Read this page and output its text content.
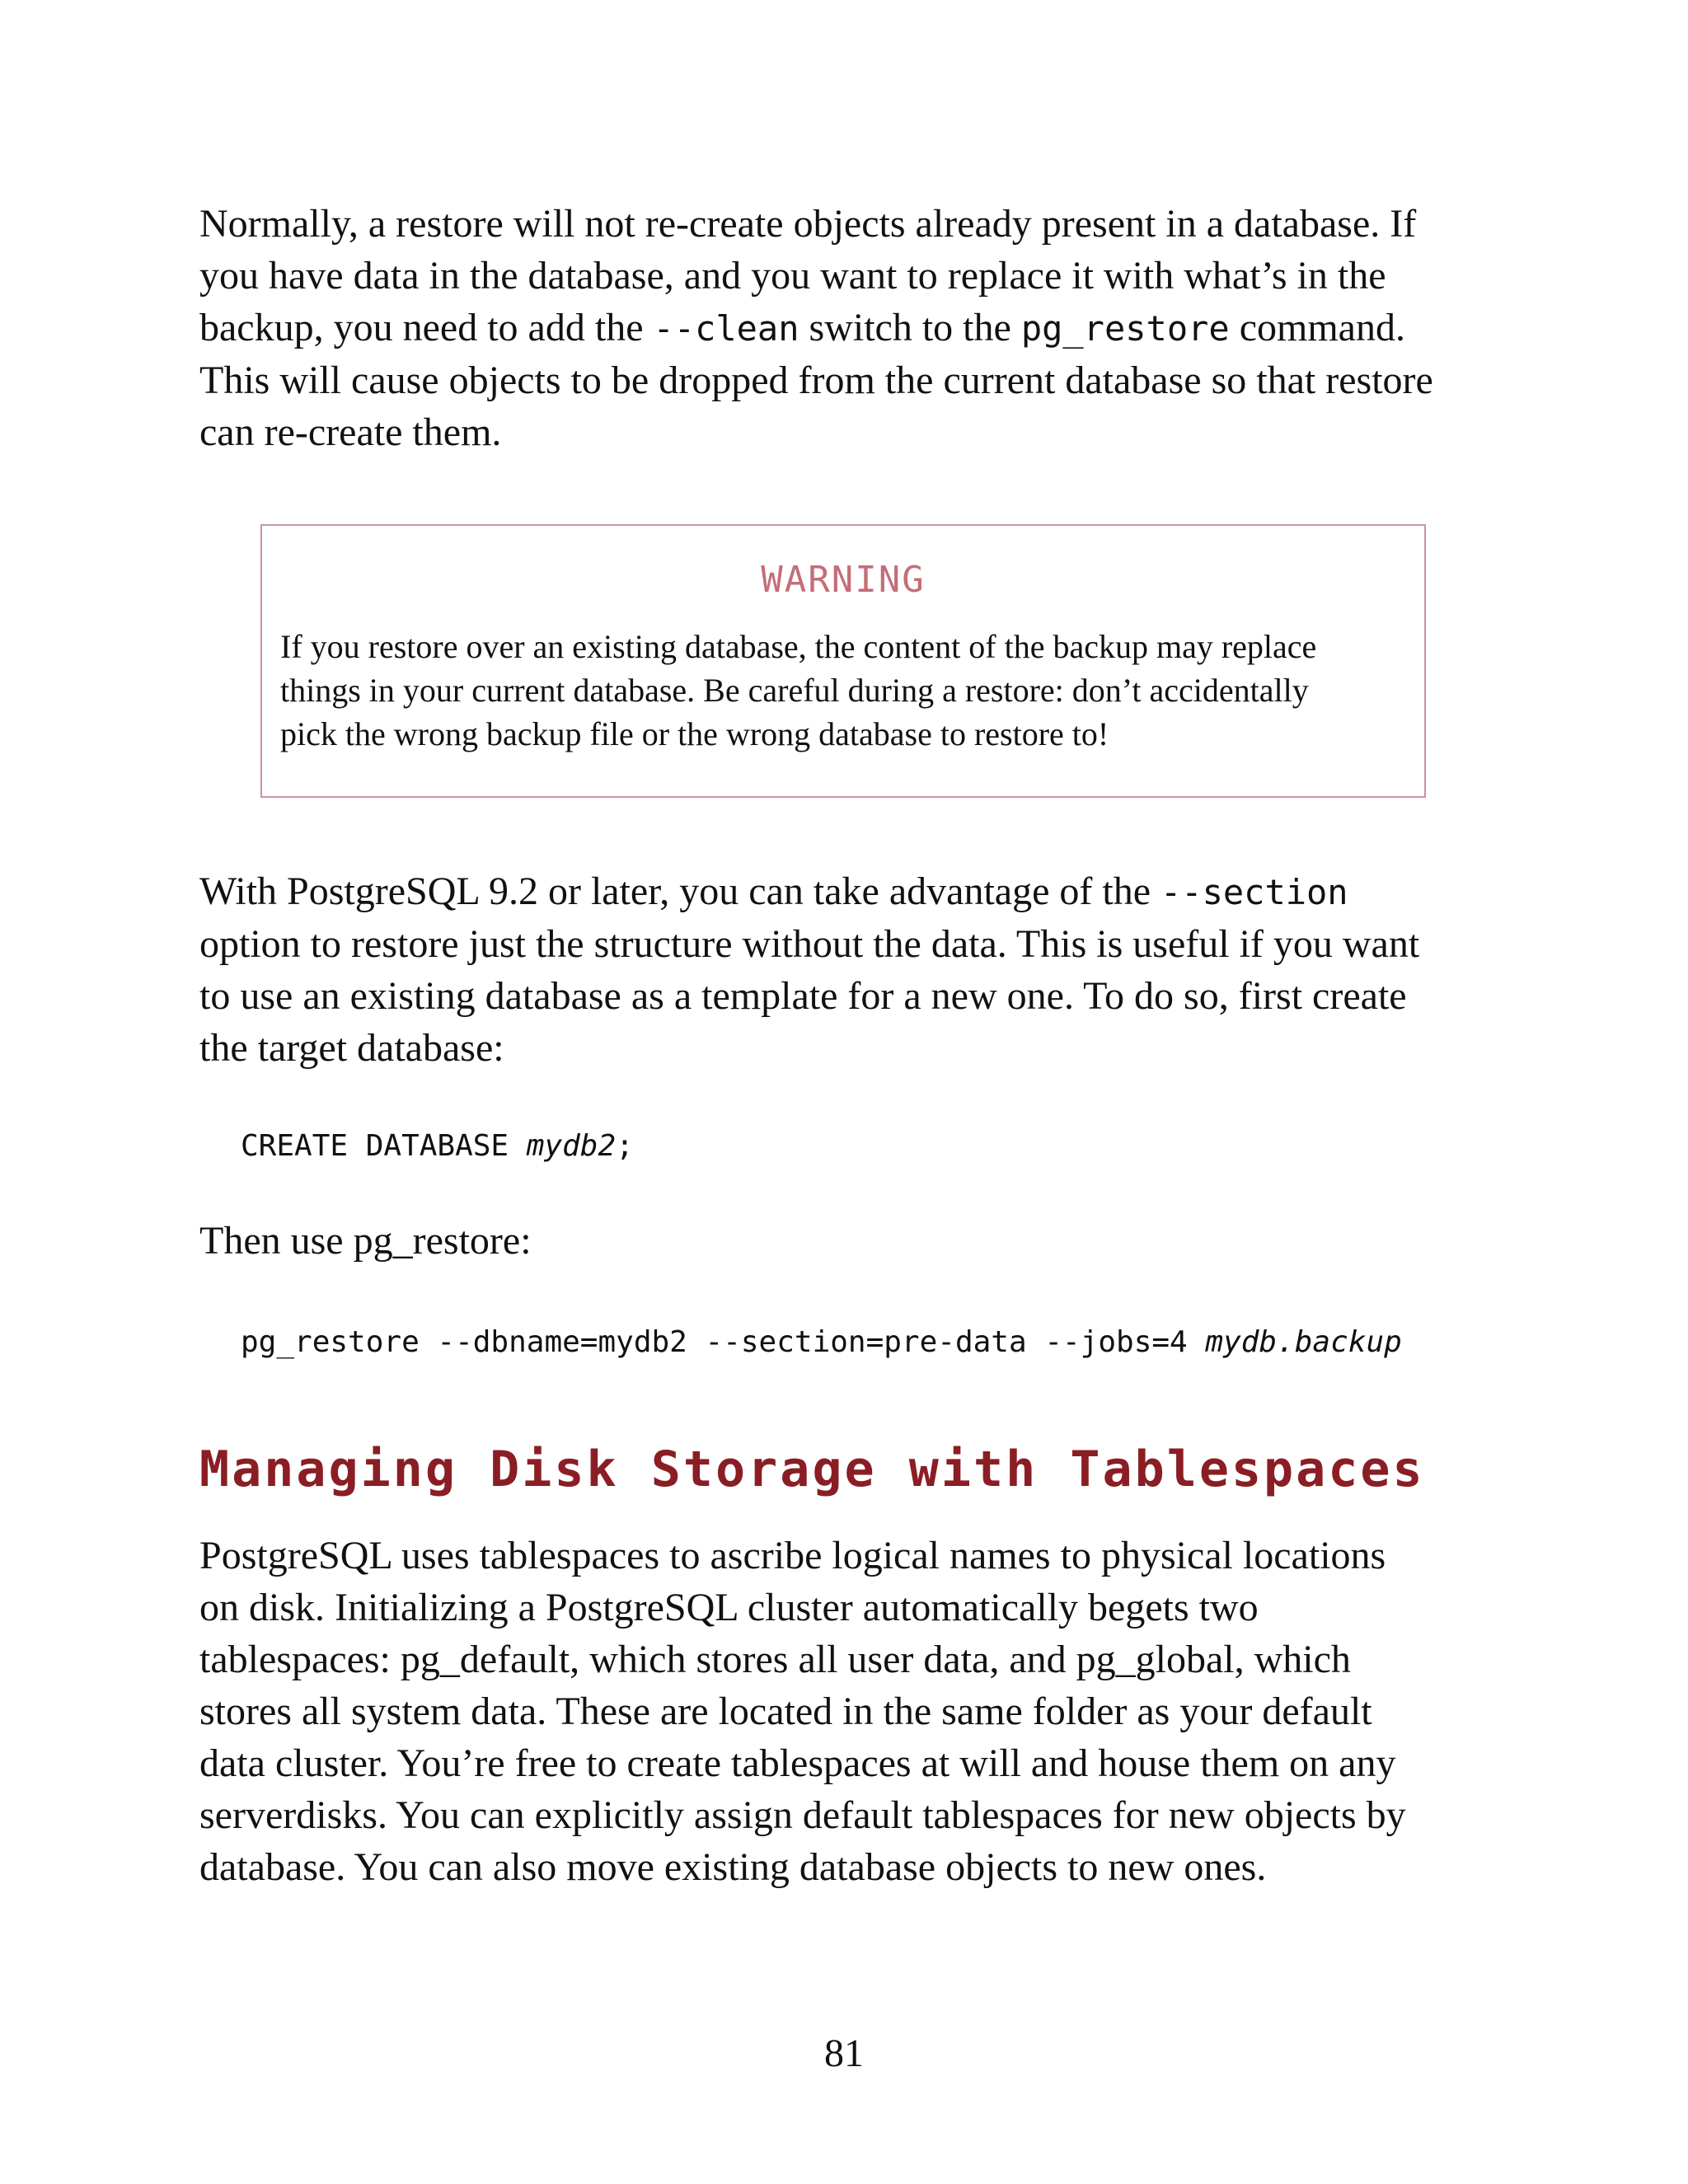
Normally, a restore will not re-create objects already present in a database. If
you have data in the database, and you want to replace it with what’s in the
backup, you need to add the --clean switch to the pg_restore command.
This will cause objects to be dropped from the current database so that restore
can re-create them.

WARNING

If you restore over an existing database, the content of the backup may replace
things in your current database. Be careful during a restore: don’t accidentally
pick the wrong backup file or the wrong database to restore to!

With PostgreSQL 9.2 or later, you can take advantage of the --section
option to restore just the structure without the data. This is useful if you want
to use an existing database as a template for a new one. To do so, first create
the target database:

CREATE DATABASE mydb2;

Then use pg_restore:

pg_restore --dbname=mydb2 --section=pre-data --jobs=4 mydb.backup
Managing Disk Storage with Tablespaces

PostgreSQL uses tablespaces to ascribe logical names to physical locations
on disk. Initializing a PostgreSQL cluster automatically begets two
tablespaces: pg_default, which stores all user data, and pg_global, which
stores all system data. These are located in the same folder as your default
data cluster. You’re free to create tablespaces at will and house them on any
serverdisks. You can explicitly assign default tablespaces for new objects by
database. You can also move existing database objects to new ones.

81
